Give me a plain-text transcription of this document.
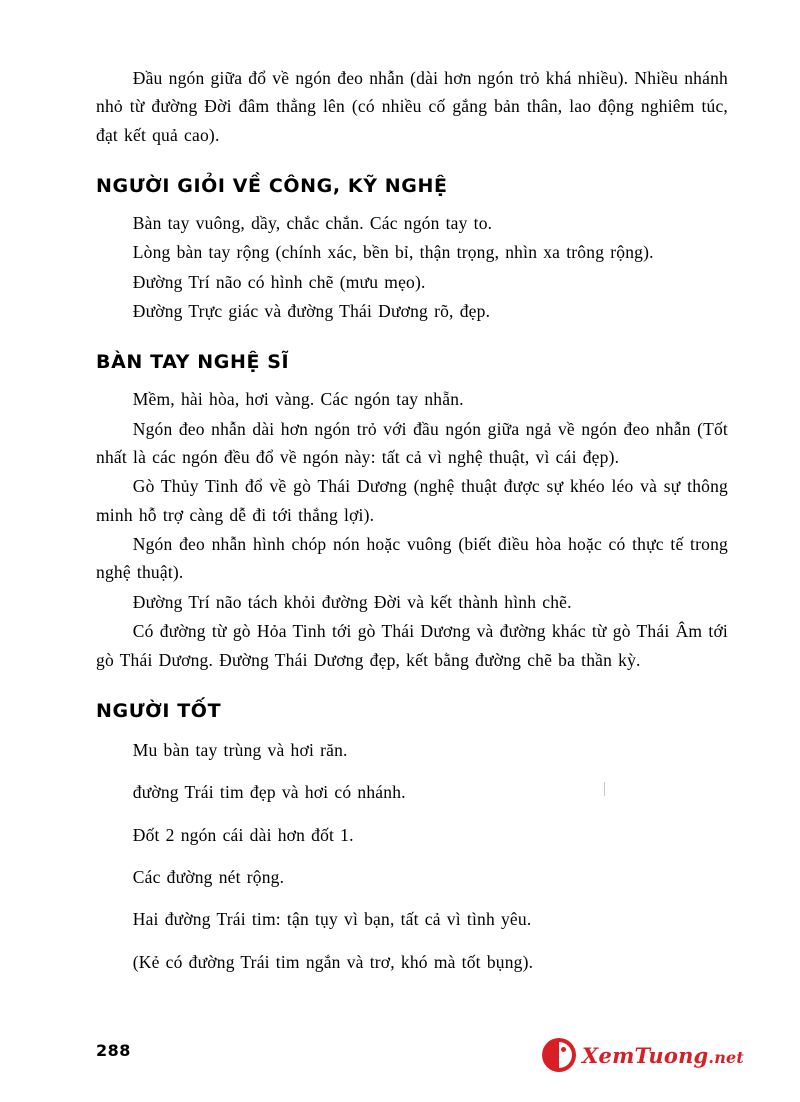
Đầu ngón giữa đổ về ngón đeo nhẫn (dài hơn ngón trỏ khá nhiều). Nhiều nhánh nhỏ từ đường Đời đâm thẳng lên (có nhiều cố gắng bản thân, lao động nghiêm túc, đạt kết quả cao).

NGƯỜI GIỎI VỀ CÔNG, KỸ NGHỆ

Bàn tay vuông, dầy, chắc chắn. Các ngón tay to.

Lòng bàn tay rộng (chính xác, bền bỉ, thận trọng, nhìn xa trông rộng).

Đường Trí não có hình chẽ (mưu mẹo).

Đường Trực giác và đường Thái Dương rõ, đẹp.

BÀN TAY NGHỆ SĨ

Mềm, hài hòa, hơi vàng. Các ngón tay nhẵn.

Ngón đeo nhẫn dài hơn ngón trỏ với đầu ngón giữa ngả về ngón đeo nhẫn (Tốt nhất là các ngón đều đổ về ngón này: tất cả vì nghệ thuật, vì cái đẹp).

Gò Thủy Tinh đổ về gò Thái Dương (nghệ thuật được sự khéo léo và sự thông minh hỗ trợ càng dễ đi tới thắng lợi).

Ngón đeo nhẫn hình chóp nón hoặc vuông (biết điều hòa hoặc có thực tế trong nghệ thuật).

Đường Trí não tách khỏi đường Đời và kết thành hình chẽ.

Có đường từ gò Hỏa Tinh tới gò Thái Dương và đường khác từ gò Thái Âm tới gò Thái Dương. Đường Thái Dương đẹp, kết bằng đường chẽ ba thần kỳ.

NGƯỜI TỐT

Mu bàn tay trùng và hơi răn.

đường Trái tim đẹp và hơi có nhánh.

Đốt 2 ngón cái dài hơn đốt 1.

Các đường nét rộng.

Hai đường Trái tim: tận tụy vì bạn, tất cả vì tình yêu.

(Kẻ có đường Trái tim ngắn và trơ, khó mà tốt bụng).

288	XemTuong.net
